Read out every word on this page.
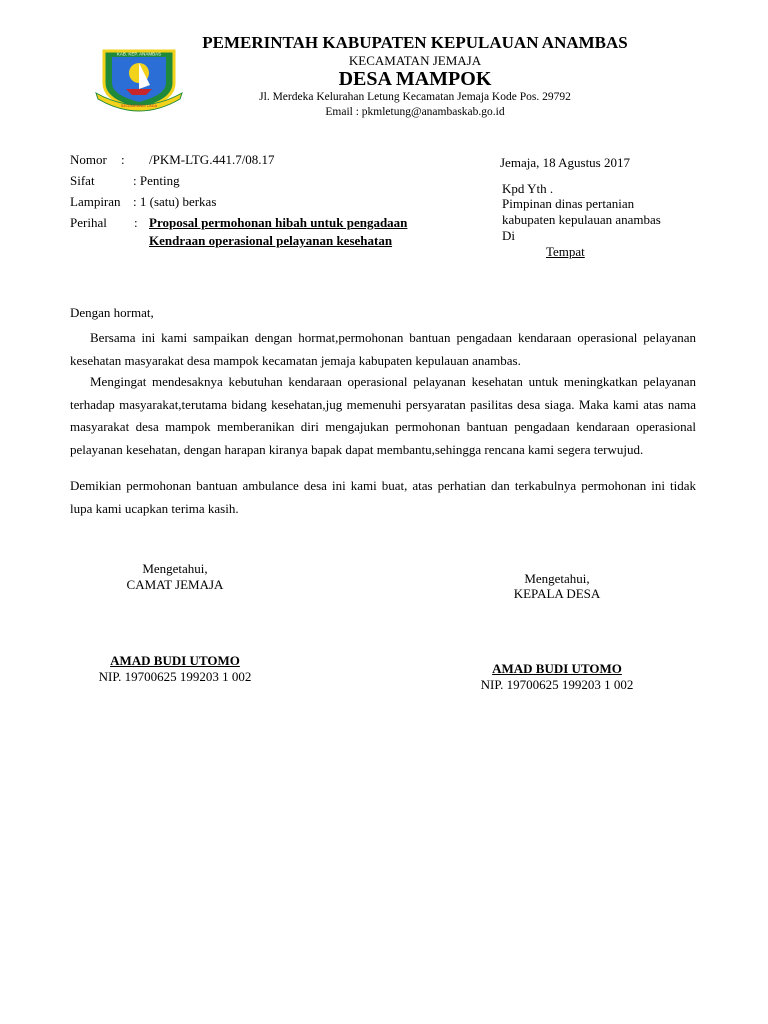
KAB. KEP. ANAMBAS
SEGANTANG LADA
PEMERINTAH KABUPATEN KEPULAUAN ANAMBAS
KECAMATAN JEMAJA
DESA MAMPOK
Jl. Merdeka Kelurahan Letung Kecamatan Jemaja Kode Pos. 29792
Email : pkmletung@anambaskab.go.id
Nomor : /PKM-LTG.441.7/08.17
Sifat	: Penting
Lampiran : 1 (satu) berkas
Perihal : Proposal permohonan hibah untuk pengadaan
Kendraan operasional pelayanan kesehatan
Jemaja, 18 Agustus 2017
Kpd Yth .
Pimpinan dinas pertanian
kabupaten kepulauan anambas
Di
Tempat
Dengan hormat,
Bersama ini kami sampaikan dengan hormat,permohonan bantuan pengadaan kendaraan operasional pelayanan kesehatan masyarakat desa mampok kecamatan jemaja kabupaten kepulauan anambas.
Mengingat mendesaknya kebutuhan kendaraan operasional pelayanan kesehatan untuk meningkatkan pelayanan terhadap masyarakat,terutama bidang kesehatan,jug memenuhi persyaratan pasilitas desa siaga. Maka kami atas nama masyarakat desa mampok memberanikan diri mengajukan permohonan bantuan pengadaan kendaraan operasional pelayanan kesehatan, dengan harapan kiranya bapak dapat membantu,sehingga rencana kami segera terwujud.
Demikian permohonan bantuan ambulance desa ini kami buat, atas perhatian dan terkabulnya permohonan ini tidak lupa kami ucapkan terima kasih.
Mengetahui,
CAMAT JEMAJA
AMAD BUDI UTOMO
NIP. 19700625 199203 1 002
Mengetahui,
KEPALA DESA
AMAD BUDI UTOMO
NIP. 19700625 199203 1 002
